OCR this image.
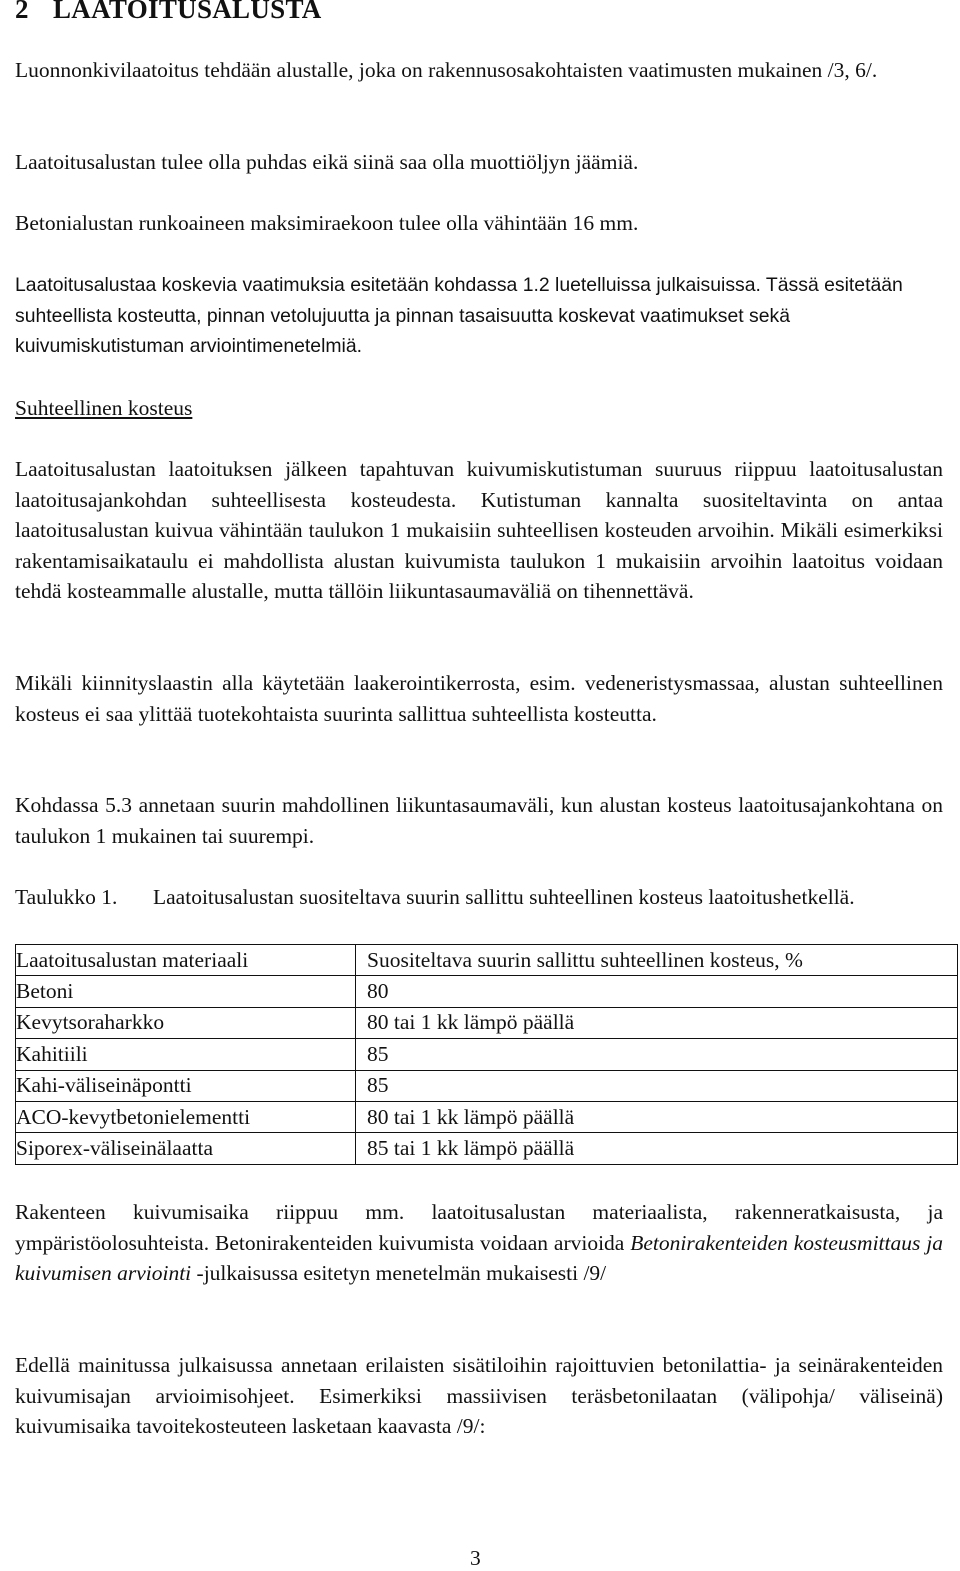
2 LAATOITUSALUSTA

Luonnonkivilaatoitus tehdään alustalle, joka on rakennusosakohtaisten vaatimusten mukainen /3, 6/.

Laatoitusalustan tulee olla puhdas eikä siinä saa olla muottiöljyn jäämiä.

Betonialustan runkoaineen maksimiraekoon tulee olla vähintään 16 mm.

Laatoitusalustaa koskevia vaatimuksia esitetään kohdassa 1.2 luetelluissa julkaisuissa. Tässä esitetään suhteellista kosteutta, pinnan vetolujuutta ja pinnan tasaisuutta koskevat vaatimukset sekä kuivumiskutistuman arviointimenetelmiä.

Suhteellinen kosteus

Laatoitusalustan laatoituksen jälkeen tapahtuvan kuivumiskutistuman suuruus riippuu laatoitusalustan laatoitusajankohdan suhteellisesta kosteudesta. Kutistuman kannalta suositeltavinta on antaa laatoitusalustan kuivua vähintään taulukon 1 mukaisiin suhteellisen kosteuden arvoihin. Mikäli esimerkiksi rakentamisaikataulu ei mahdollista alustan kuivumista taulukon 1 mukaisiin arvoihin laatoitus voidaan tehdä kosteammalle alustalle, mutta tällöin liikuntasaumaväliä on tihennettävä.

Mikäli kiinnityslaastin alla käytetään laakerointikerrosta, esim. vedeneristysmassaa, alustan suhteellinen kosteus ei saa ylittää tuotekohtaista suurinta sallittua suhteellista kosteutta.

Kohdassa 5.3 annetaan suurin mahdollinen liikuntasaumaväli, kun alustan kosteus laatoitusajankohtana on taulukon 1 mukainen tai suurempi.

Taulukko 1. Laatoitusalustan suositeltava suurin sallittu suhteellinen kosteus laatoitushetkellä.
Laatoitusalustan materiaali	Suositeltava suurin sallittu suhteellinen kosteus, %
Betoni	80
Kevytsoraharkko	80 tai 1 kk lämpö päällä
Kahitiili	85
Kahi-väliseinäpontti	85
ACO-kevytbetonielementti	80 tai 1 kk lämpö päällä
Siporex-väliseinälaatta	85 tai 1 kk lämpö päällä

Rakenteen kuivumisaika riippuu mm. laatoitusalustan materiaalista, rakenneratkaisusta, ja ympäristöolosuhteista. Betonirakenteiden kuivumista voidaan arvioida Betonirakenteiden kosteusmittaus ja kuivumisen arviointi -julkaisussa esitetyn menetelmän mukaisesti /9/

Edellä mainitussa julkaisussa annetaan erilaisten sisätiloihin rajoittuvien betonilattia- ja seinärakenteiden kuivumisajan arvioimisohjeet. Esimerkiksi massiivisen teräsbetonilaatan (välipohja/ väliseinä) kuivumisaika tavoitekosteuteen lasketaan kaavasta /9/:

3
